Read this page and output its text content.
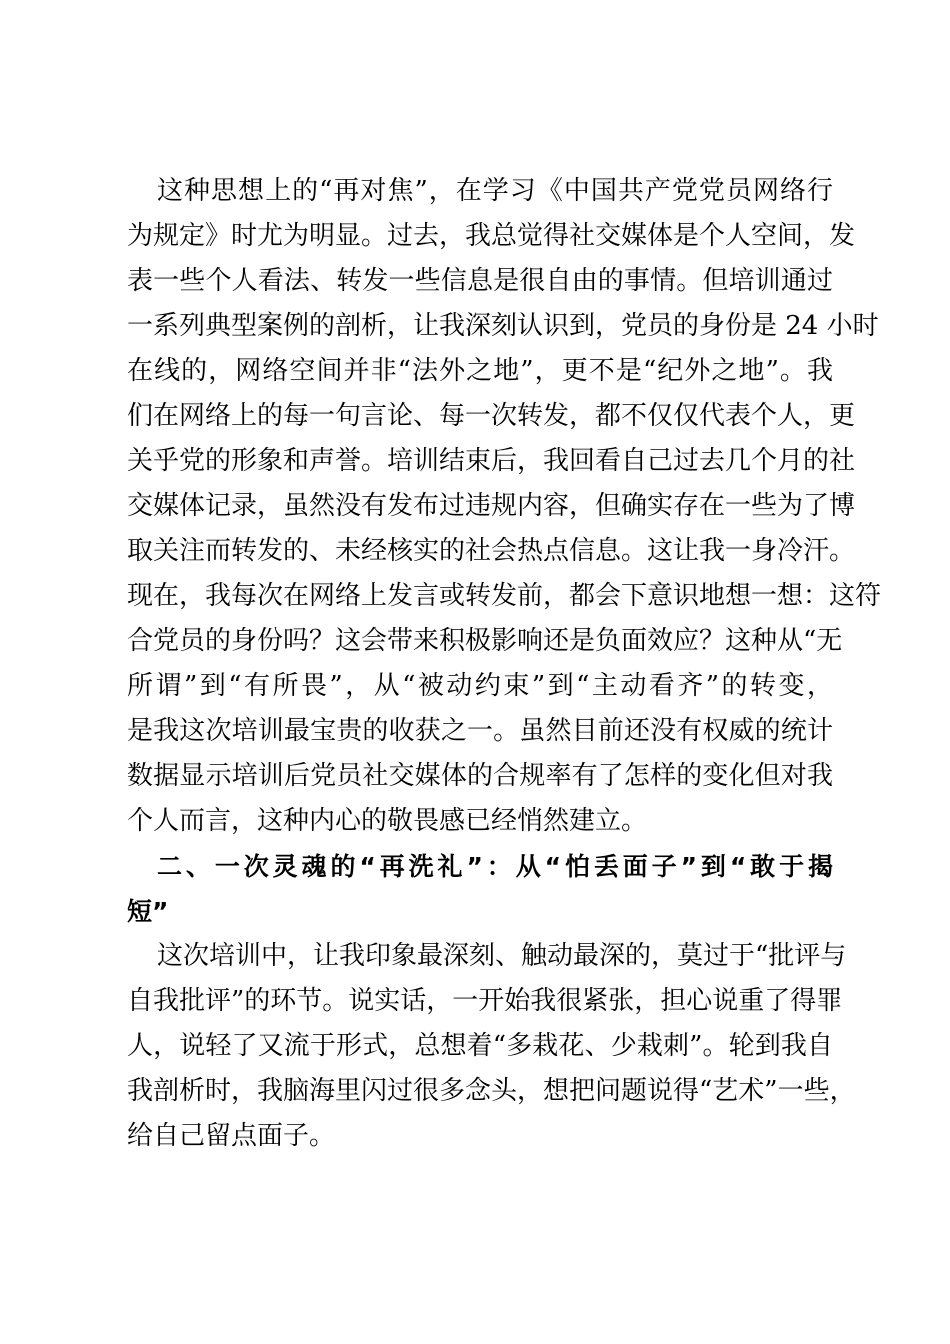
这种思想上的“再对焦”，在学习《中国共产党党员网络行
为规定》时尤为明显。过去，我总觉得社交媒体是个人空间，发
表一些个人看法、转发一些信息是很自由的事情。但培训通过
一系列典型案例的剖析，让我深刻认识到，党员的身份是 24 小时
在线的，网络空间并非“法外之地”，更不是“纪外之地”。我
们在网络上的每一句言论、每一次转发，都不仅仅代表个人，更
关乎党的形象和声誉。培训结束后，我回看自己过去几个月的社
交媒体记录，虽然没有发布过违规内容，但确实存在一些为了博
取关注而转发的、未经核实的社会热点信息。这让我一身冷汗。
现在，我每次在网络上发言或转发前，都会下意识地想一想：这符
合党员的身份吗？这会带来积极影响还是负面效应？这种从“无
所谓”到“有所畏”，从“被动约束”到“主动看齐”的转变，
是我这次培训最宝贵的收获之一。虽然目前还没有权威的统计
数据显示培训后党员社交媒体的合规率有了怎样的变化但对我
个人而言，这种内心的敬畏感已经悄然建立。
二、一次灵魂的“再洗礼”：从“怕丢面子”到“敢于揭
短”
这次培训中，让我印象最深刻、触动最深的，莫过于“批评与
自我批评”的环节。说实话，一开始我很紧张，担心说重了得罪
人，说轻了又流于形式，总想着“多栽花、少栽刺”。轮到我自
我剖析时，我脑海里闪过很多念头，想把问题说得“艺术”一些，
给自己留点面子。
